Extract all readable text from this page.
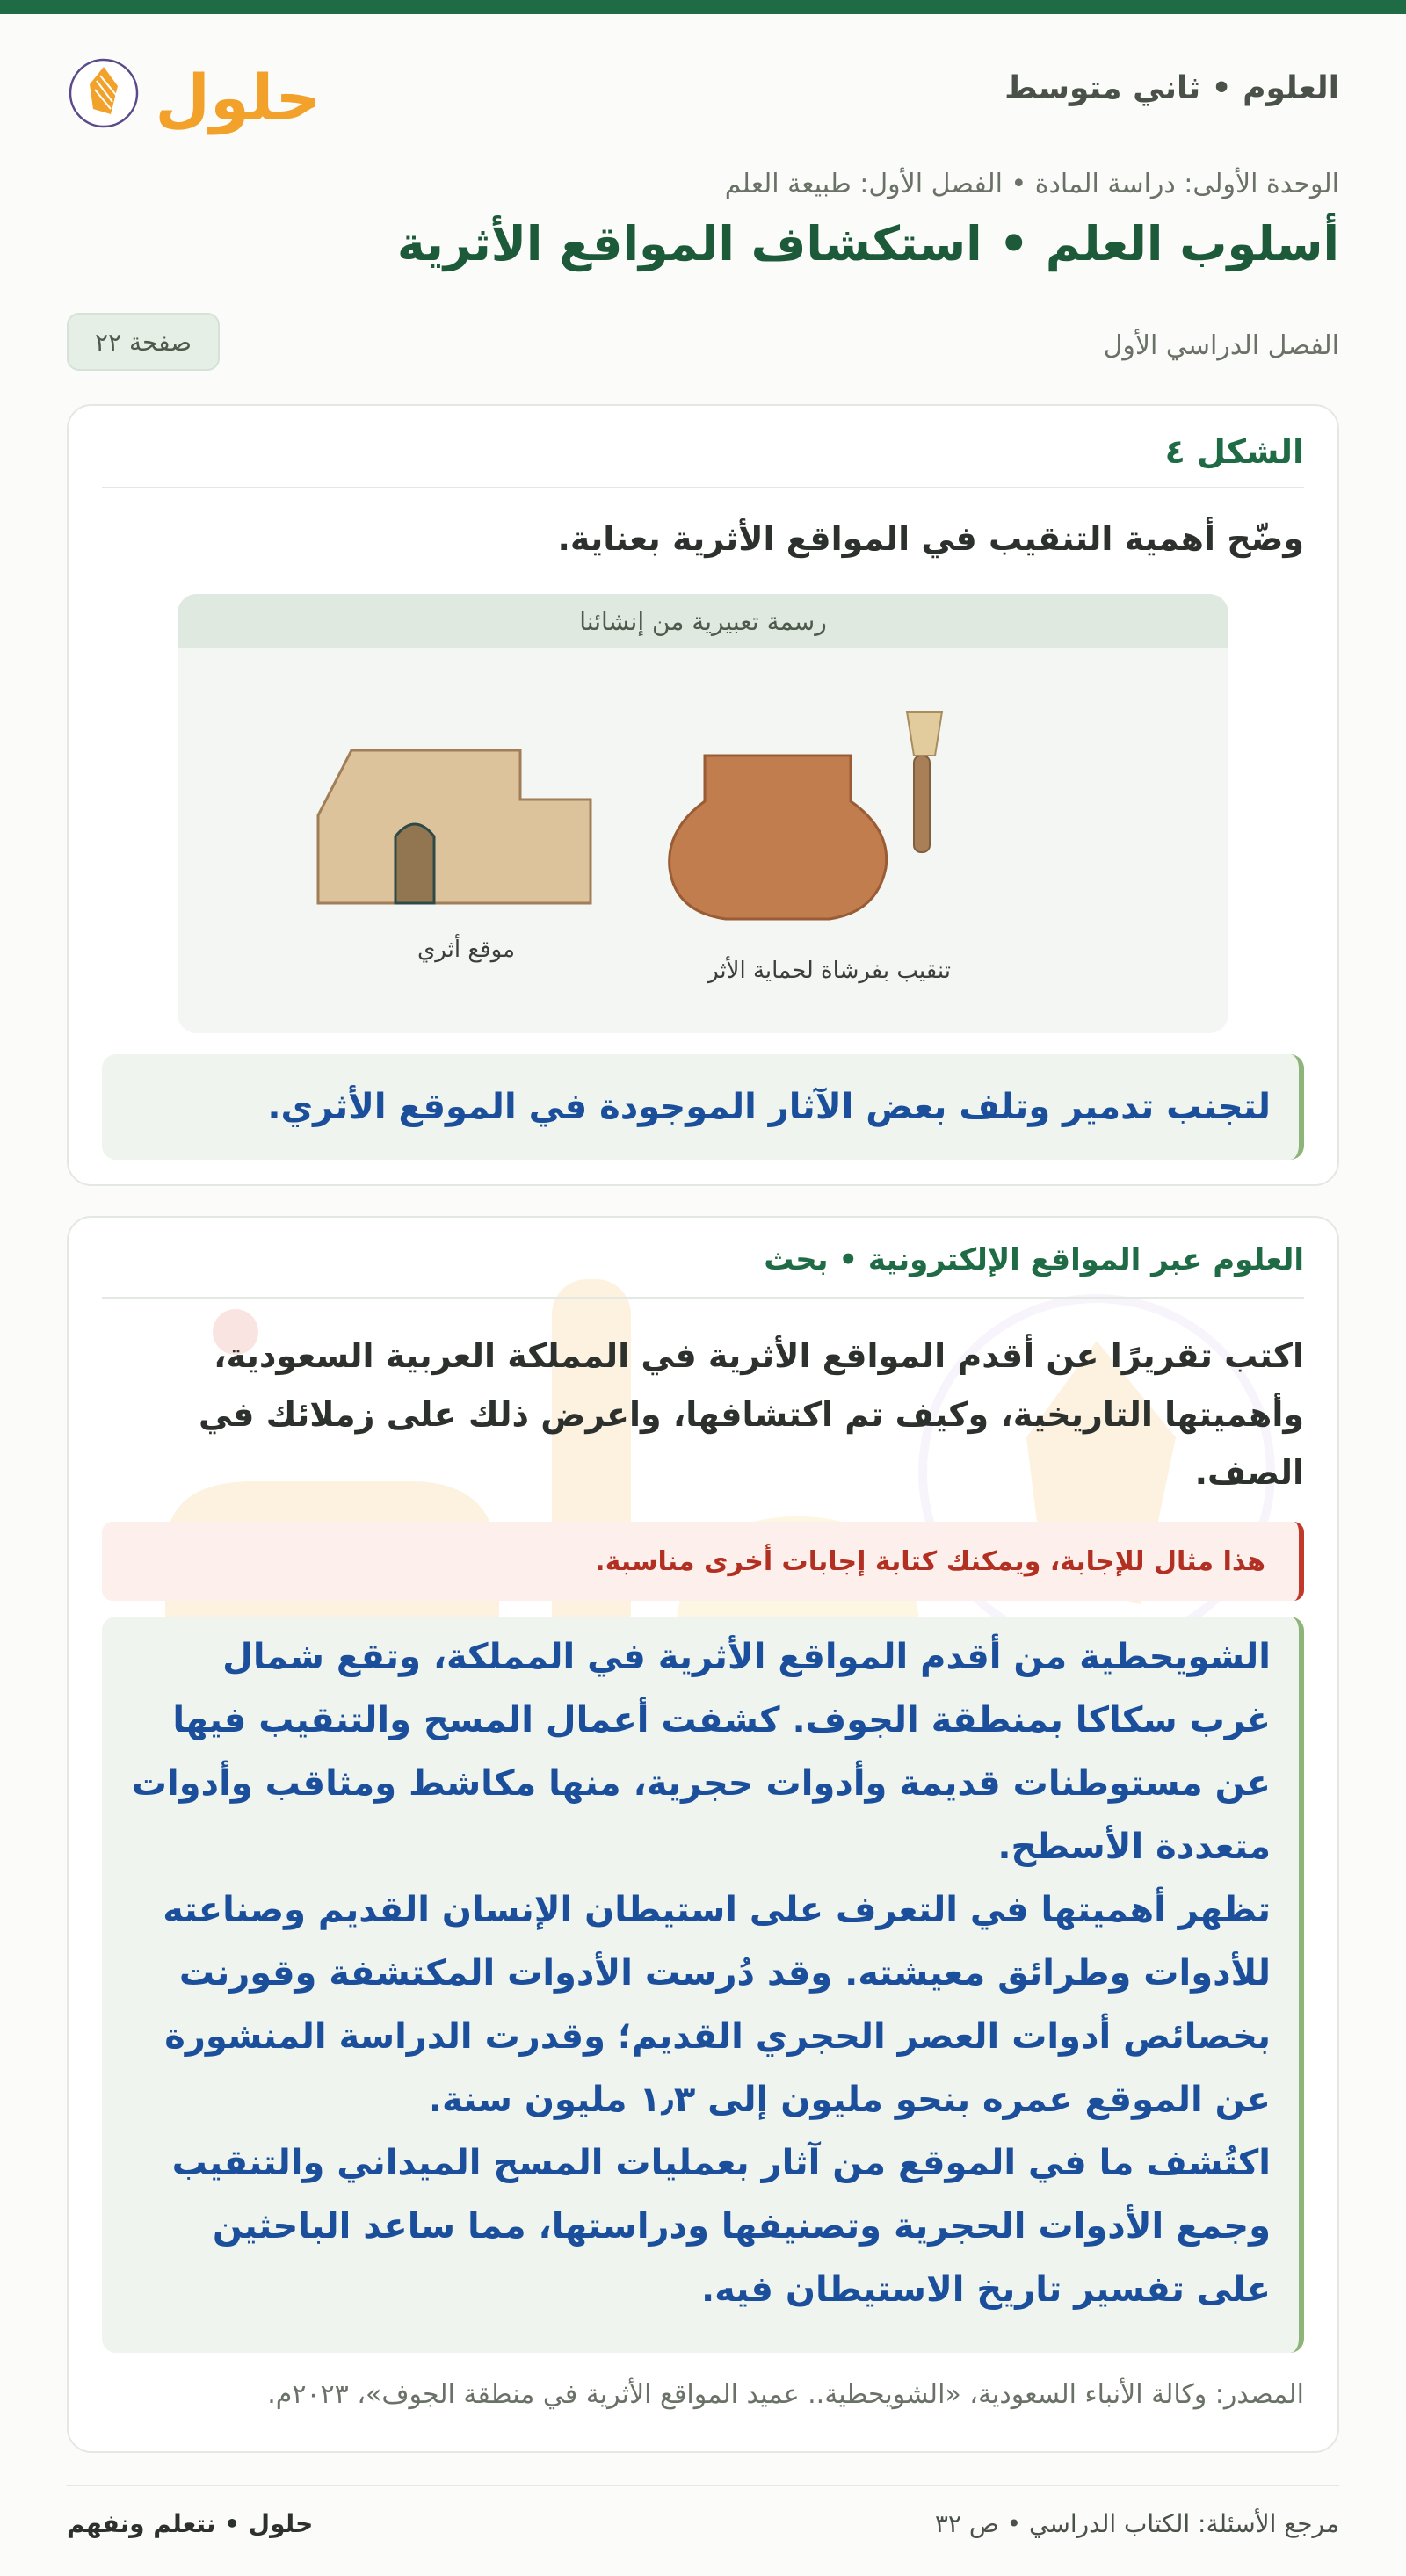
العلوم • ثاني متوسط
حلول
الوحدة الأولى: دراسة المادة • الفصل الأول: طبيعة العلم
أسلوب العلم • استكشاف المواقع الأثرية
الفصل الدراسي الأول
صفحة ٢٢
الشكل ٤
وضّح أهمية التنقيب في المواقع الأثرية بعناية.
رسمة تعبيرية من إنشائنا
موقع أثري
تنقيب بفرشاة لحماية الأثر
لتجنب تدمير وتلف بعض الآثار الموجودة في الموقع الأثري.
العلوم عبر المواقع الإلكترونية • بحث
اكتب تقريرًا عن أقدم المواقع الأثرية في المملكة العربية السعودية، وأهميتها التاريخية، وكيف تم اكتشافها، واعرض ذلك على زملائك في الصف.
هذا مثال للإجابة، ويمكنك كتابة إجابات أخرى مناسبة.
الشويحطية من أقدم المواقع الأثرية في المملكة، وتقع شمال غرب سكاكا بمنطقة الجوف. كشفت أعمال المسح والتنقيب فيها عن مستوطنات قديمة وأدوات حجرية، منها مكاشط ومثاقب وأدوات متعددة الأسطح.
تظهر أهميتها في التعرف على استيطان الإنسان القديم وصناعته للأدوات وطرائق معيشته. وقد دُرست الأدوات المكتشفة وقورنت بخصائص أدوات العصر الحجري القديم؛ وقدرت الدراسة المنشورة عن الموقع عمره بنحو مليون إلى ١٫٣ مليون سنة.
اكتُشف ما في الموقع من آثار بعمليات المسح الميداني والتنقيب وجمع الأدوات الحجرية وتصنيفها ودراستها، مما ساعد الباحثين على تفسير تاريخ الاستيطان فيه.
المصدر: وكالة الأنباء السعودية، «الشويحطية.. عميد المواقع الأثرية في منطقة الجوف»، ٢٠٢٣م.
مرجع الأسئلة: الكتاب الدراسي • ص ٣٢
حلول • نتعلم ونفهم
